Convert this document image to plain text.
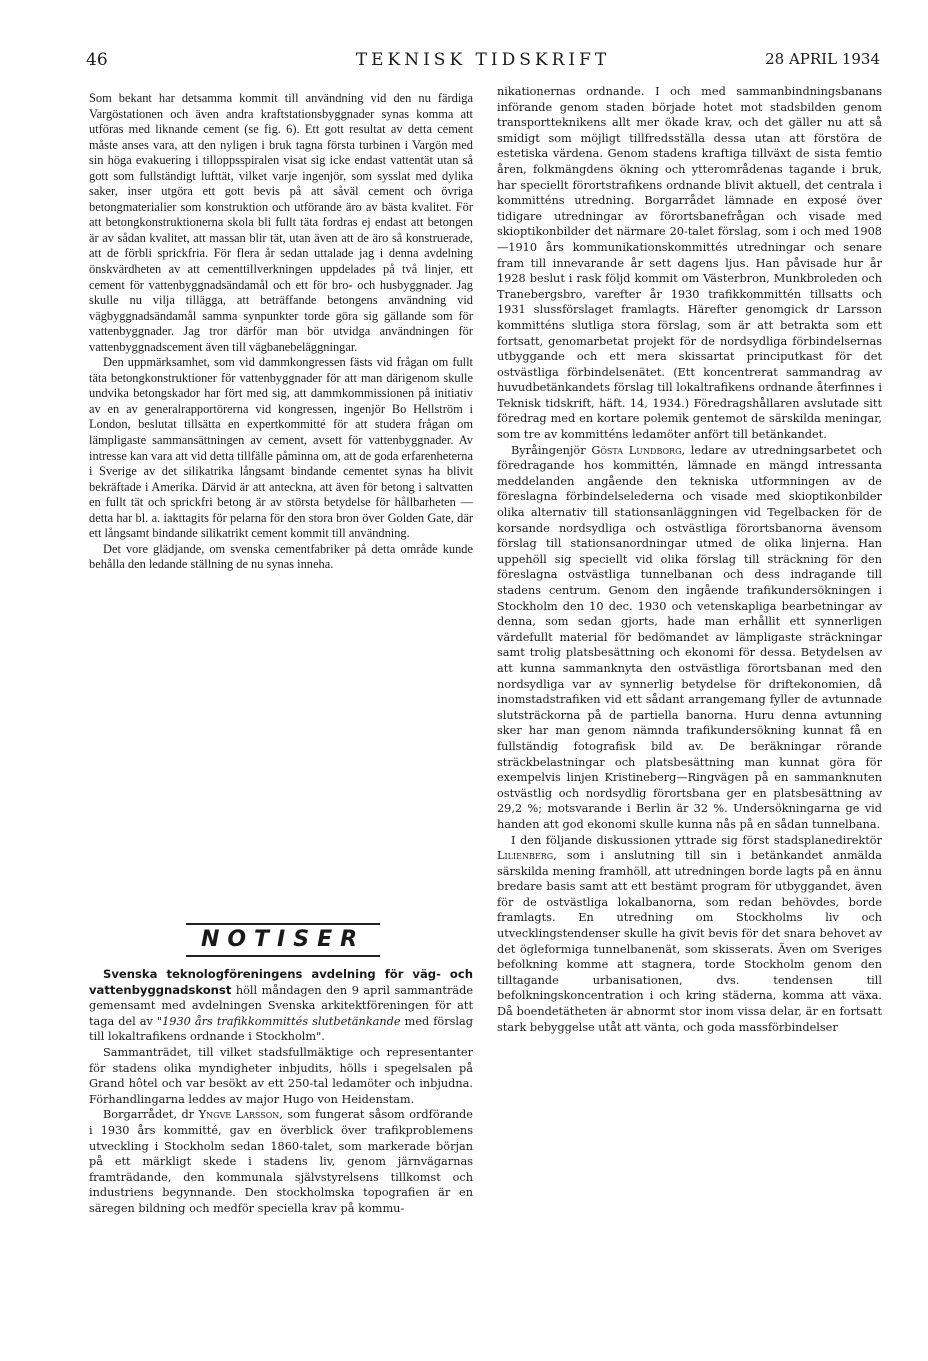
46	TEKNISK TIDSKRIFT	28 APRIL 1934

Som bekant har detsamma kommit till användning vid den nu färdiga Vargöstationen och även andra kraftstationsbyggnader synas komma att utföras med liknande cement (se fig. 6). Ett gott resultat av detta cement måste anses vara, att den nyligen i bruk tagna första turbinen i Vargön med sin höga evakuering i tilloppsspiralen visat sig icke endast vattentät utan så gott som fullständigt lufttät, vilket varje ingenjör, som sysslat med dylika saker, inser utgöra ett gott bevis på att såväl cement och övriga betongmaterialier som konstruktion och utförande äro av bästa kvalitet. För att betongkonstruktionerna skola bli fullt täta fordras ej endast att betongen är av sådan kvalitet, att massan blir tät, utan även att de äro så konstruerade, att de förbli sprickfria. För flera år sedan uttalade jag i denna avdelning önskvärdheten av att cementtillverkningen uppdelades på två linjer, ett cement för vattenbyggnadsändamål och ett för bro- och husbyggnader. Jag skulle nu vilja tillägga, att beträffande betongens användning vid vägbyggnadsändamål samma synpunkter torde göra sig gällande som för vattenbyggnader. Jag tror därför man bör utvidga användningen för vattenbyggnadscement även till vägbanebeläggningar.

Den uppmärksamhet, som vid dammkongressen fästs vid frågan om fullt täta betongkonstruktioner för vattenbyggnader för att man därigenom skulle undvika betongskador har fört med sig, att dammkommissionen på initiativ av en av generalrapportörerna vid kongressen, ingenjör Bo Hellström i London, beslutat tillsätta en expertkommitté för att studera frågan om lämpligaste sammansättningen av cement, avsett för vattenbyggnader. Av intresse kan vara att vid detta tillfälle påminna om, att de goda erfarenheterna i Sverige av det silikatrika långsamt bindande cementet synas ha blivit bekräftade i Amerika. Därvid är att anteckna, att även för betong i saltvatten en fullt tät och sprickfri betong är av största betydelse för hållbarheten — detta har bl. a. iakttagits för pelarna för den stora bron över Golden Gate, där ett långsamt bindande silikatrikt cement kommit till användning.

Det vore glädjande, om svenska cementfabriker på detta område kunde behålla den ledande ställning de nu synas inneha.

NOTISER

Svenska teknologföreningens avdelning för väg- och vattenbyggnadskonst höll måndagen den 9 april sammanträde gemensamt med avdelningen Svenska arkitektföreningen för att taga del av "1930 års trafikkommittés slutbetänkande med förslag till lokaltrafikens ordnande i Stockholm".

Sammanträdet, till vilket stadsfullmäktige och representanter för stadens olika myndigheter inbjudits, hölls i spegelsalen på Grand hôtel och var besökt av ett 250-tal ledamöter och inbjudna. Förhandlingarna leddes av major Hugo von Heidenstam.

Borgarrådet, dr Yngve Larsson, som fungerat såsom ordförande i 1930 års kommitté, gav en överblick över trafikproblemens utveckling i Stockholm sedan 1860-talet, som markerade början på ett märkligt skede i stadens liv, genom järnvägarnas framträdande, den kommunala självstyrelsens tillkomst och industriens begynnande. Den stockholmska topografien är en säregen bildning och medför speciella krav på kommu-

nikationernas ordnande. I och med sammanbindningsbanans införande genom staden började hotet mot stadsbilden genom transportteknikens allt mer ökade krav, och det gäller nu att så smidigt som möjligt tillfredsställa dessa utan att förstöra de estetiska värdena. Genom stadens kraftiga tillväxt de sista femtio åren, folkmängdens ökning och ytterområdenas tagande i bruk, har speciellt förortstrafikens ordnande blivit aktuell, det centrala i kommitténs utredning. Borgarrådet lämnade en exposé över tidigare utredningar av förortsbanefrågan och visade med skioptikonbilder det närmare 20-talet förslag, som i och med 1908—1910 års kommunikationskommittés utredningar och senare fram till innevarande år sett dagens ljus. Han påvisade hur år 1928 beslut i rask följd kommit om Västerbron, Munkbroleden och Tranebergsbro, varefter år 1930 trafikkommittén tillsatts och 1931 slussförslaget framlagts. Härefter genomgick dr Larsson kommitténs slutliga stora förslag, som är att betrakta som ett fortsatt, genomarbetat projekt för de nordsydliga förbindelsernas utbyggande och ett mera skissartat principutkast för det ostvästliga förbindelsenätet. (Ett koncentrerat sammandrag av huvudbetänkandets förslag till lokaltrafikens ordnande återfinnes i Teknisk tidskrift, häft. 14, 1934.) Föredragshållaren avslutade sitt föredrag med en kortare polemik gentemot de särskilda meningar, som tre av kommitténs ledamöter anfört till betänkandet.

Byråingenjör Gösta Lundborg, ledare av utredningsarbetet och föredragande hos kommittén, lämnade en mängd intressanta meddelanden angående den tekniska utformningen av de föreslagna förbindelselederna och visade med skioptikonbilder olika alternativ till stationsanläggningen vid Tegelbacken för de korsande nordsydliga och ostvästliga förortsbanorna ävensom förslag till stationsanordningar utmed de olika linjerna. Han uppehöll sig speciellt vid olika förslag till sträckning för den föreslagna ostvästliga tunnelbanan och dess indragande till stadens centrum. Genom den ingående trafikundersökningen i Stockholm den 10 dec. 1930 och vetenskapliga bearbetningar av denna, som sedan gjorts, hade man erhållit ett synnerligen värdefullt material för bedömandet av lämpligaste sträckningar samt trolig platsbesättning och ekonomi för dessa. Betydelsen av att kunna sammanknyta den ostvästliga förortsbanan med den nordsydliga var av synnerlig betydelse för driftekonomien, då inomstadstrafiken vid ett sådant arrangemang fyller de avtunnade slutsträckorna på de partiella banorna. Huru denna avtunning sker har man genom nämnda trafikundersökning kunnat få en fullständig fotografisk bild av. De beräkningar rörande sträckbelastningar och platsbesättning man kunnat göra för exempelvis linjen Kristineberg—Ringvägen på en sammanknuten ostvästlig och nordsydlig förortsbana ger en platsbesättning av 29,2 %; motsvarande i Berlin är 32 %. Undersökningarna ge vid handen att god ekonomi skulle kunna nås på en sådan tunnelbana.

I den följande diskussionen yttrade sig först stadsplanedirektör Lilienberg, som i anslutning till sin i betänkandet anmälda särskilda mening framhöll, att utredningen borde lagts på en ännu bredare basis samt att ett bestämt program för utbyggandet, även för de ostvästliga lokalbanorna, som redan behövdes, borde framlagts. En utredning om Stockholms liv och utvecklingstendenser skulle ha givit bevis för det snara behovet av det ögleformiga tunnelbanenät, som skisserats. Även om Sveriges befolkning komme att stagnera, torde Stockholm genom den tilltagande urbanisationen, dvs. tendensen till befolkningskoncentration i och kring städerna, komma att växa. Då boendetätheten är abnormt stor inom vissa delar, är en fortsatt stark bebyggelse utåt att vänta, och goda massförbindelser
